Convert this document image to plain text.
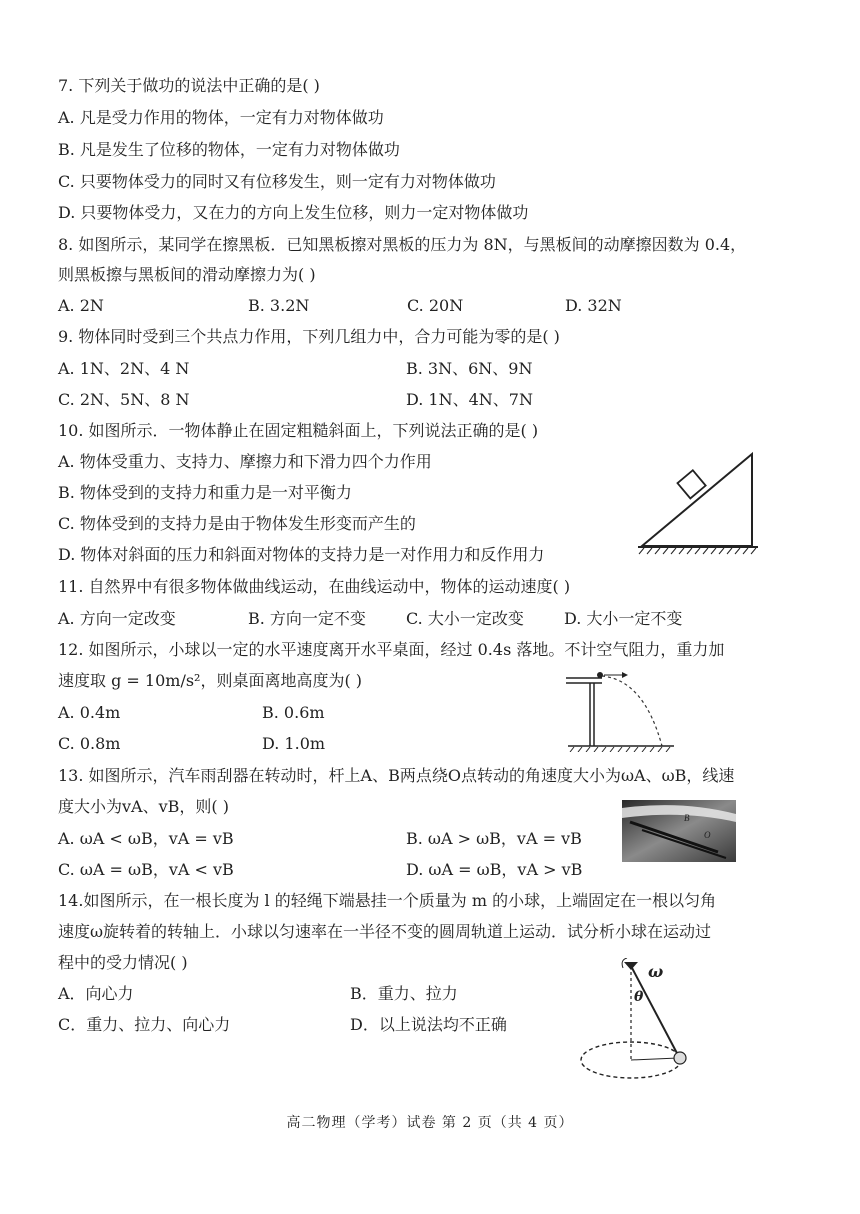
7. 下列关于做功的说法中正确的是( )
A. 凡是受力作用的物体，一定有力对物体做功
B. 凡是发生了位移的物体，一定有力对物体做功
C. 只要物体受力的同时又有位移发生，则一定有力对物体做功
D. 只要物体受力，又在力的方向上发生位移，则力一定对物体做功
8. 如图所示，某同学在擦黑板．已知黑板擦对黑板的压力为 8N，与黑板间的动摩擦因数为 0.4，
则黑板擦与黑板间的滑动摩擦力为( )
A. 2N	B. 3.2N	C. 20N	D. 32N
9. 物体同时受到三个共点力作用，下列几组力中，合力可能为零的是( )
A. 1N、2N、4 N	B. 3N、6N、9N
C. 2N、5N、8 N	D. 1N、4N、7N
10. 如图所示．一物体静止在固定粗糙斜面上，下列说法正确的是( )
A. 物体受重力、支持力、摩擦力和下滑力四个力作用
B. 物体受到的支持力和重力是一对平衡力
C. 物体受到的支持力是由于物体发生形变而产生的
D. 物体对斜面的压力和斜面对物体的支持力是一对作用力和反作用力
11. 自然界中有很多物体做曲线运动，在曲线运动中，物体的运动速度( )
A. 方向一定改变	B. 方向一定不变	C. 大小一定改变	D. 大小一定不变
12. 如图所示，小球以一定的水平速度离开水平桌面，经过 0.4s 落地。不计空气阻力，重力加
速度取 g = 10m/s²，则桌面离地高度为( )
A. 0.4m	B. 0.6m
C. 0.8m	D. 1.0m
13. 如图所示，汽车雨刮器在转动时，杆上A、B两点绕O点转动的角速度大小为ωA、ωB，线速
度大小为vA、vB，则( )
A. ωA < ωB，vA = vB	B. ωA > ωB，vA = vB
C. ωA = ωB，vA < vB	D. ωA = ωB，vA > vB
B
O
14.如图所示，在一根长度为 l 的轻绳下端悬挂一个质量为 m 的小球，上端固定在一根以匀角
速度ω旋转着的转轴上．小球以匀速率在一半径不变的圆周轨道上运动．试分析小球在运动过
程中的受力情况( )
A．向心力	B．重力、拉力
C．重力、拉力、向心力	D．以上说法均不正确
ω
θ
高二物理（学考）试卷 第 2 页（共 4 页）
